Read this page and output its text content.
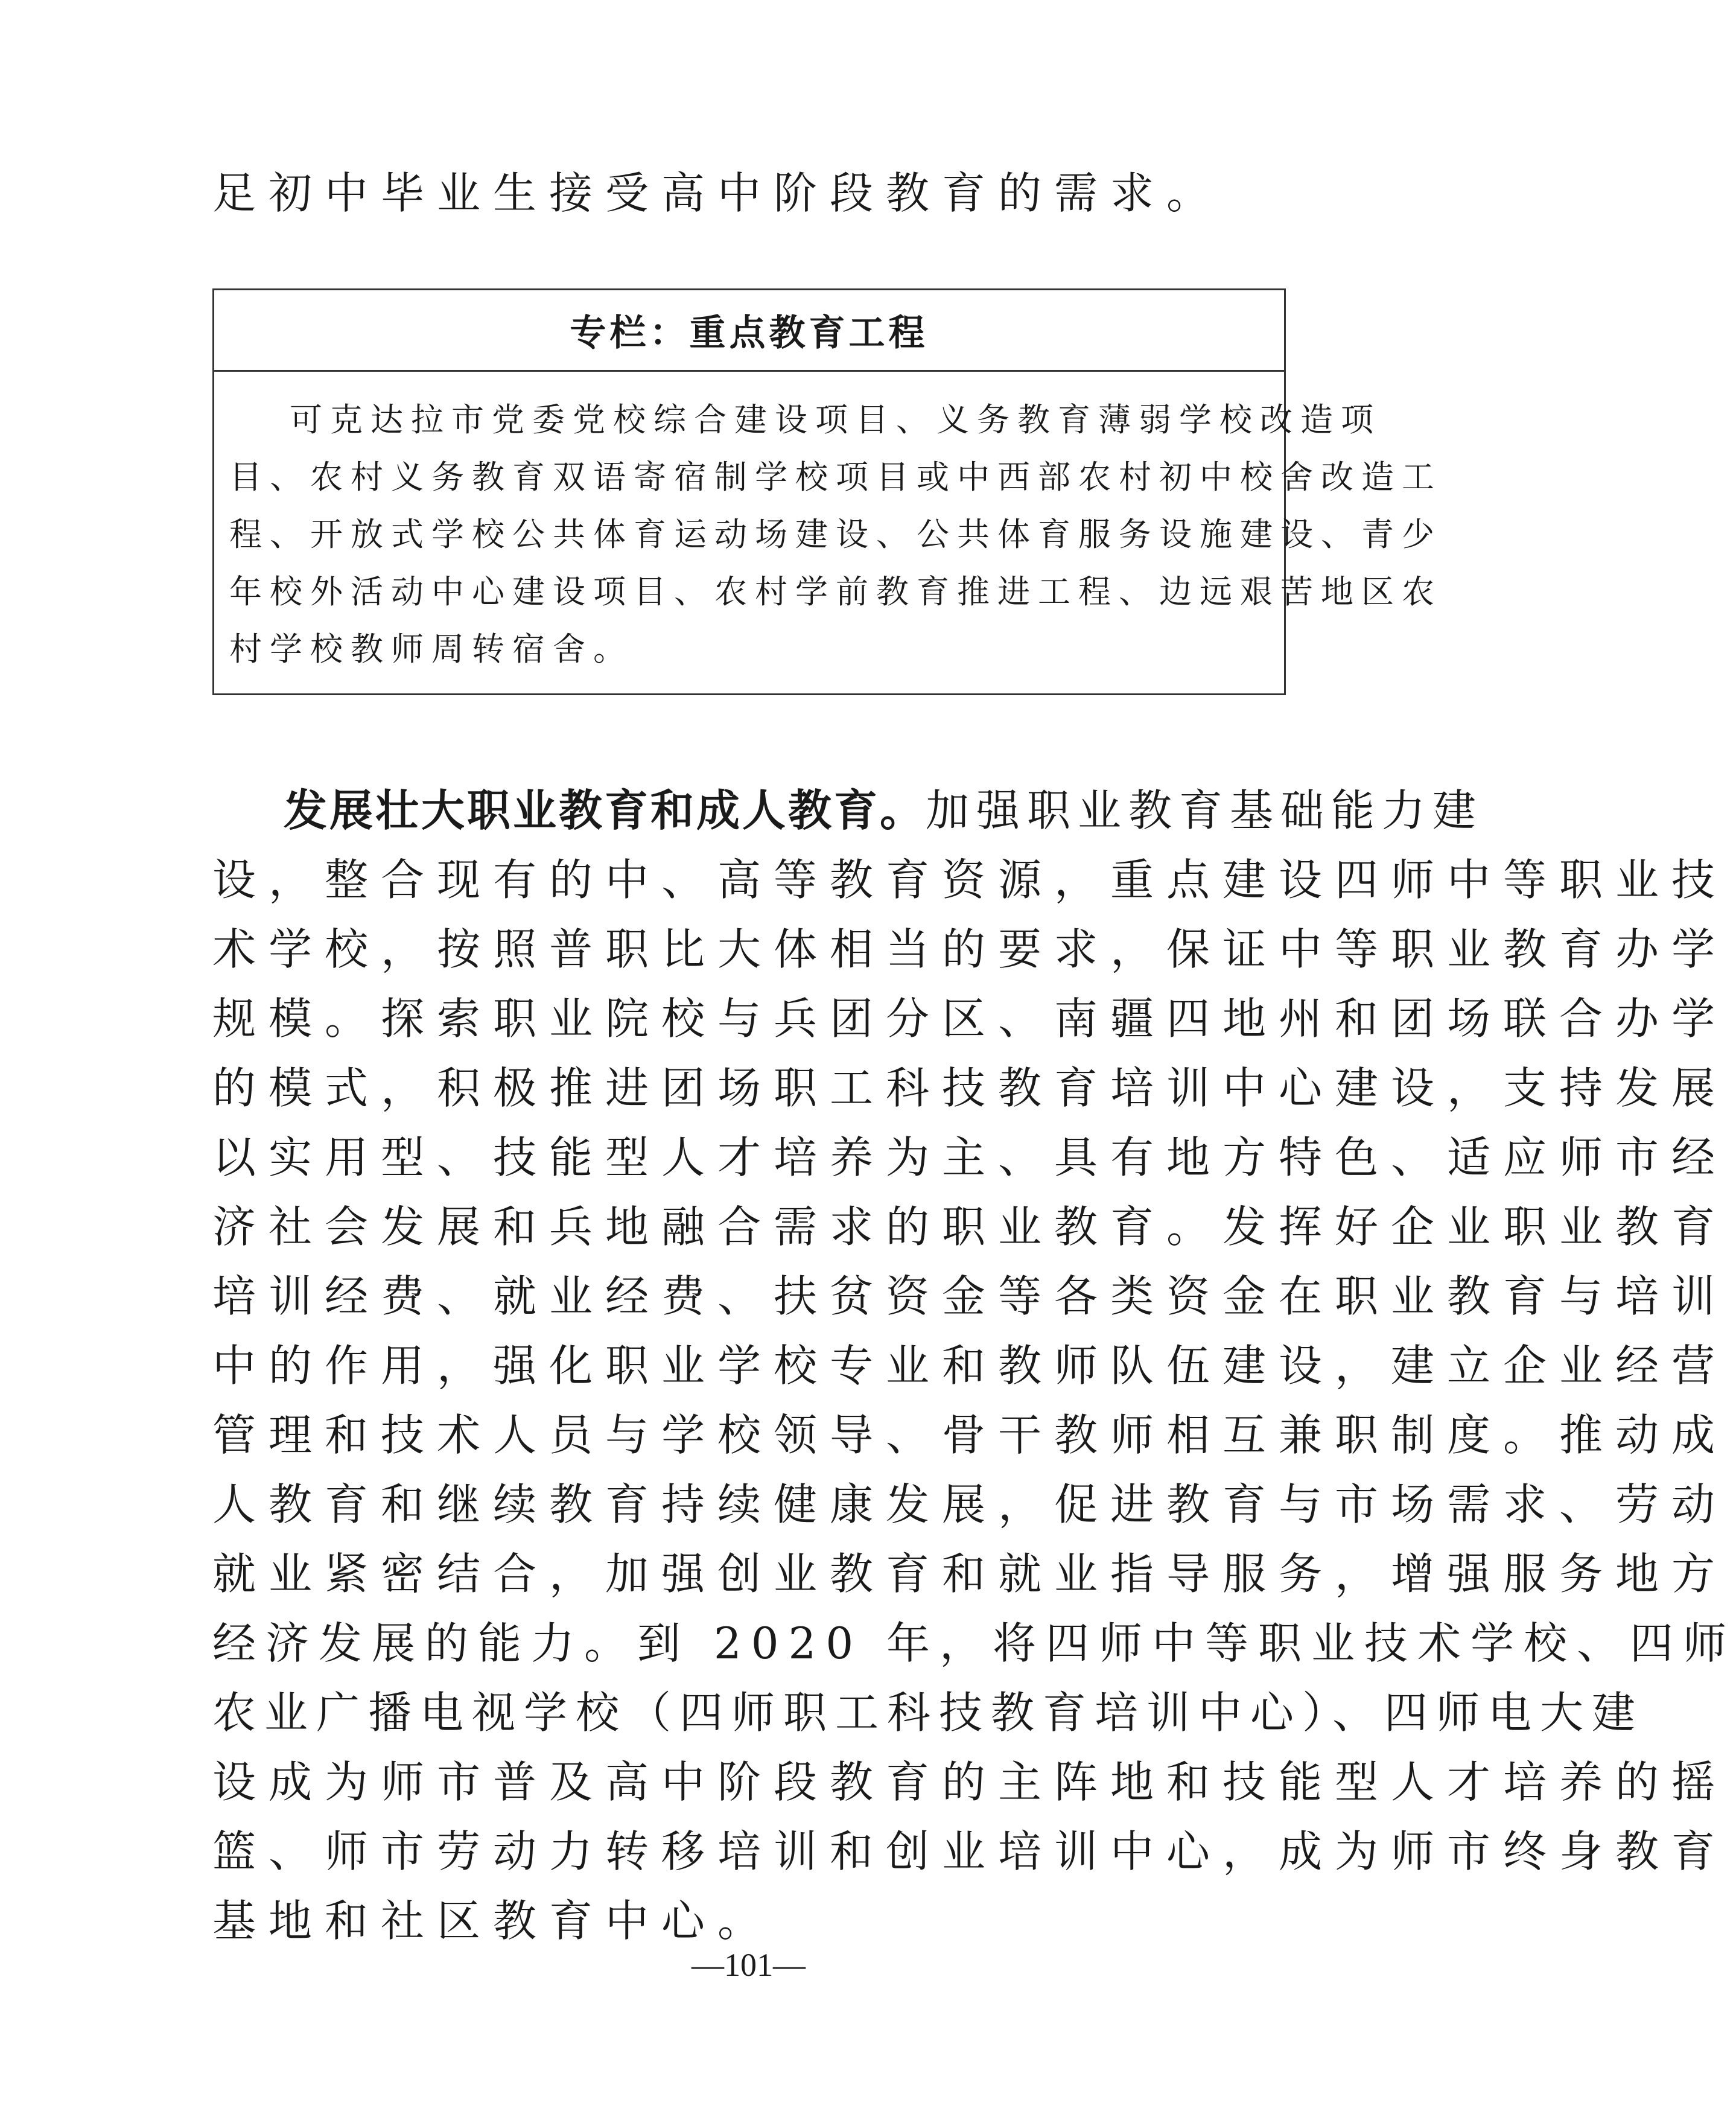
足初中毕业生接受高中阶段教育的需求。
专栏：重点教育工程
可克达拉市党委党校综合建设项目、义务教育薄弱学校改造项
目、农村义务教育双语寄宿制学校项目或中西部农村初中校舍改造工
程、开放式学校公共体育运动场建设、公共体育服务设施建设、青少
年校外活动中心建设项目、农村学前教育推进工程、边远艰苦地区农
村学校教师周转宿舍。
发展壮大职业教育和成人教育。加强职业教育基础能力建
设，整合现有的中、高等教育资源，重点建设四师中等职业技
术学校，按照普职比大体相当的要求，保证中等职业教育办学
规模。探索职业院校与兵团分区、南疆四地州和团场联合办学
的模式，积极推进团场职工科技教育培训中心建设，支持发展
以实用型、技能型人才培养为主、具有地方特色、适应师市经
济社会发展和兵地融合需求的职业教育。发挥好企业职业教育
培训经费、就业经费、扶贫资金等各类资金在职业教育与培训
中的作用，强化职业学校专业和教师队伍建设，建立企业经营
管理和技术人员与学校领导、骨干教师相互兼职制度。推动成
人教育和继续教育持续健康发展，促进教育与市场需求、劳动
就业紧密结合，加强创业教育和就业指导服务，增强服务地方
经济发展的能力。到 2020 年，将四师中等职业技术学校、四师
农业广播电视学校（四师职工科技教育培训中心）、四师电大建
设成为师市普及高中阶段教育的主阵地和技能型人才培养的摇
篮、师市劳动力转移培训和创业培训中心，成为师市终身教育
基地和社区教育中心。
—101—
